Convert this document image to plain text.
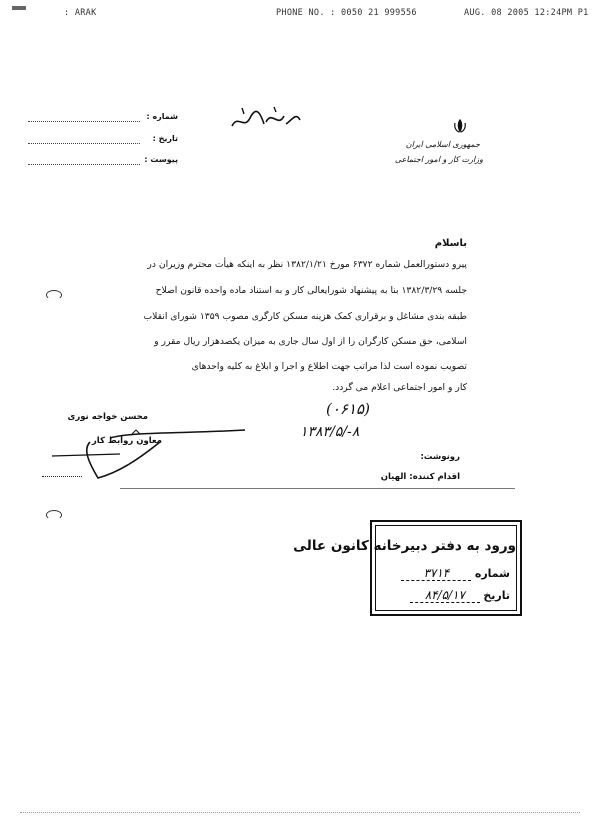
: ARAK	PHONE NO. : 0050 21 999556	AUG. 08 2005 12:24PM P1
جمهوری اسلامی ایران
وزارت کار و امور اجتماعی
شماره :
تاریخ :
پیوست :
باسلام
پیرو دستورالعمل شماره ۶۳۷۲ مورخ ۱۳۸۲/۱/۲۱ نظر به اینکه هیأت محترم وزیران در
جلسه ۱۳۸۲/۳/۲۹ بنا به پیشنهاد شورایعالی کار و به استناد ماده واحده قانون اصلاح
طبقه بندی مشاغل و برقراری کمک هزینه مسکن کارگری مصوب ۱۳۵۹ شورای انقلاب
اسلامی، حق مسکن کارگران را از اول سال جاری به میزان یکصدهزار ریال مقرر و
تصویب نموده است لذا مراتب جهت اطلاع و اجرا و ابلاغ به کلیه واحدهای
کار و امور اجتماعی اعلام می گردد.
(۰۶۱۵)
۱۳۸۳/۵/-۸
محسن خواجه نوری
معاون روابط کار
رونوشت:
اقدام کننده: الهیان
ورود به دفتر دبیرخانه کانون عالی
شماره ۳۷۱۴
تاریخ ۸۴/۵/۱۷
